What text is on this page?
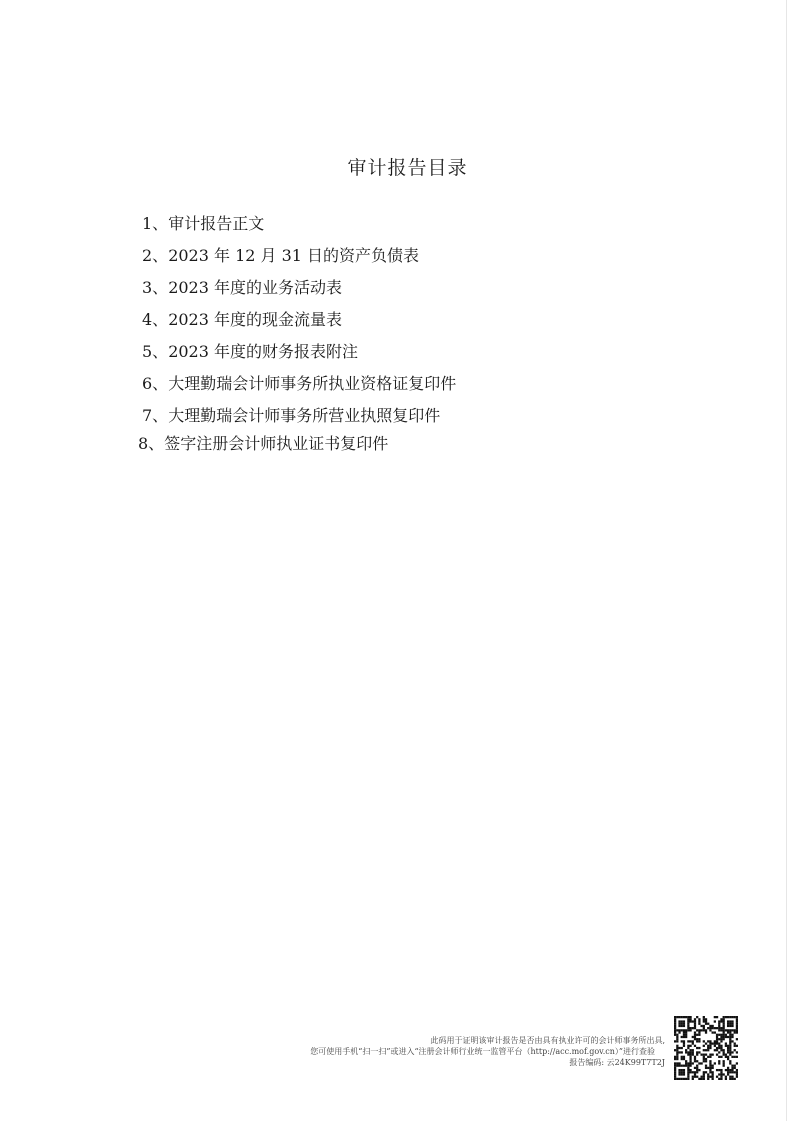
审计报告目录
1、审计报告正文
2、2023 年 12 月 31 日的资产负债表
3、2023 年度的业务活动表
4、2023 年度的现金流量表
5、2023 年度的财务报表附注
6、大理勤瑞会计师事务所执业资格证复印件
7、大理勤瑞会计师事务所营业执照复印件
8、签字注册会计师执业证书复印件
此码用于证明该审计报告是否由具有执业许可的会计师事务所出具,
您可使用手机“扫一扫”或进入“注册会计师行业统一监管平台（http://acc.mof.gov.cn）”进行查验
报告编码: 云24K99T7T2J
